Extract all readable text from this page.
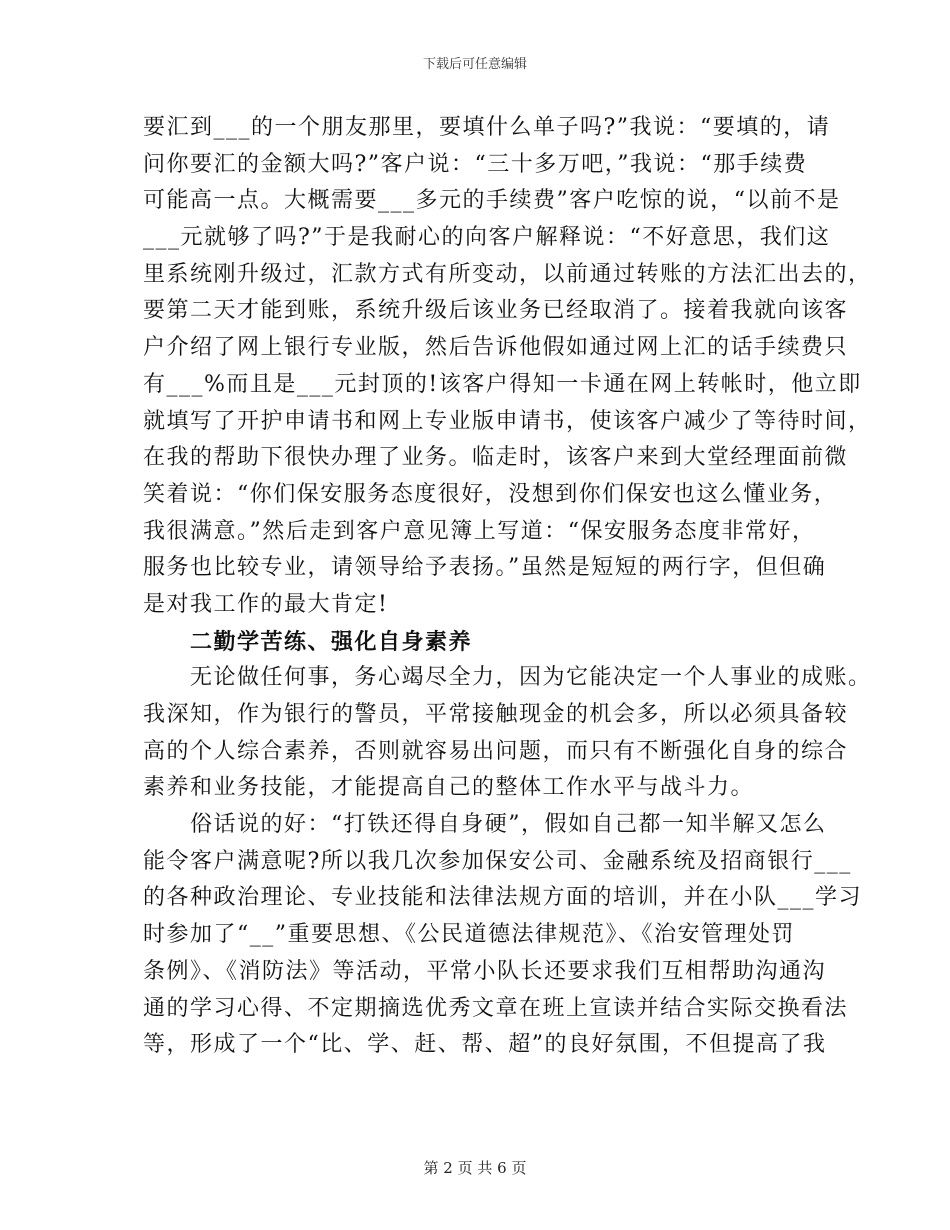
下载后可任意编辑
要汇到___的一个朋友那里，要填什么单子吗?”我说：“要填的，请
问你要汇的金额大吗?”客户说：“三十多万吧，”我说：“那手续费
可能高一点。大概需要___多元的手续费”客户吃惊的说，“以前不是
___元就够了吗?”于是我耐心的向客户解释说：“不好意思，我们这
里系统刚升级过，汇款方式有所变动，以前通过转账的方法汇出去的，
要第二天才能到账，系统升级后该业务已经取消了。接着我就向该客
户介绍了网上银行专业版，然后告诉他假如通过网上汇的话手续费只
有___%而且是___元封顶的!该客户得知一卡通在网上转帐时，他立即
就填写了开护申请书和网上专业版申请书，使该客户减少了等待时间，
在我的帮助下很快办理了业务。临走时，该客户来到大堂经理面前微
笑着说：“你们保安服务态度很好，没想到你们保安也这么懂业务，
我很满意。”然后走到客户意见簿上写道：“保安服务态度非常好，
服务也比较专业，请领导给予表扬。”虽然是短短的两行字，但但确
是对我工作的最大肯定!
　　二勤学苦练、强化自身素养
　　无论做任何事，务心竭尽全力，因为它能决定一个人事业的成账。
我深知，作为银行的警员，平常接触现金的机会多，所以必须具备较
高的个人综合素养，否则就容易出问题，而只有不断强化自身的综合
素养和业务技能，才能提高自己的整体工作水平与战斗力。
　　俗话说的好：“打铁还得自身硬”，假如自己都一知半解又怎么
能令客户满意呢?所以我几次参加保安公司、金融系统及招商银行___
的各种政治理论、专业技能和法律法规方面的培训，并在小队___学习
时参加了“__”重要思想、《公民道德法律规范》、《治安管理处罚
条例》、《消防法》等活动，平常小队长还要求我们互相帮助沟通沟
通的学习心得、不定期摘选优秀文章在班上宣读并结合实际交换看法
等，形成了一个“比、学、赶、帮、超”的良好氛围，不但提高了我
第 2 页 共 6 页
